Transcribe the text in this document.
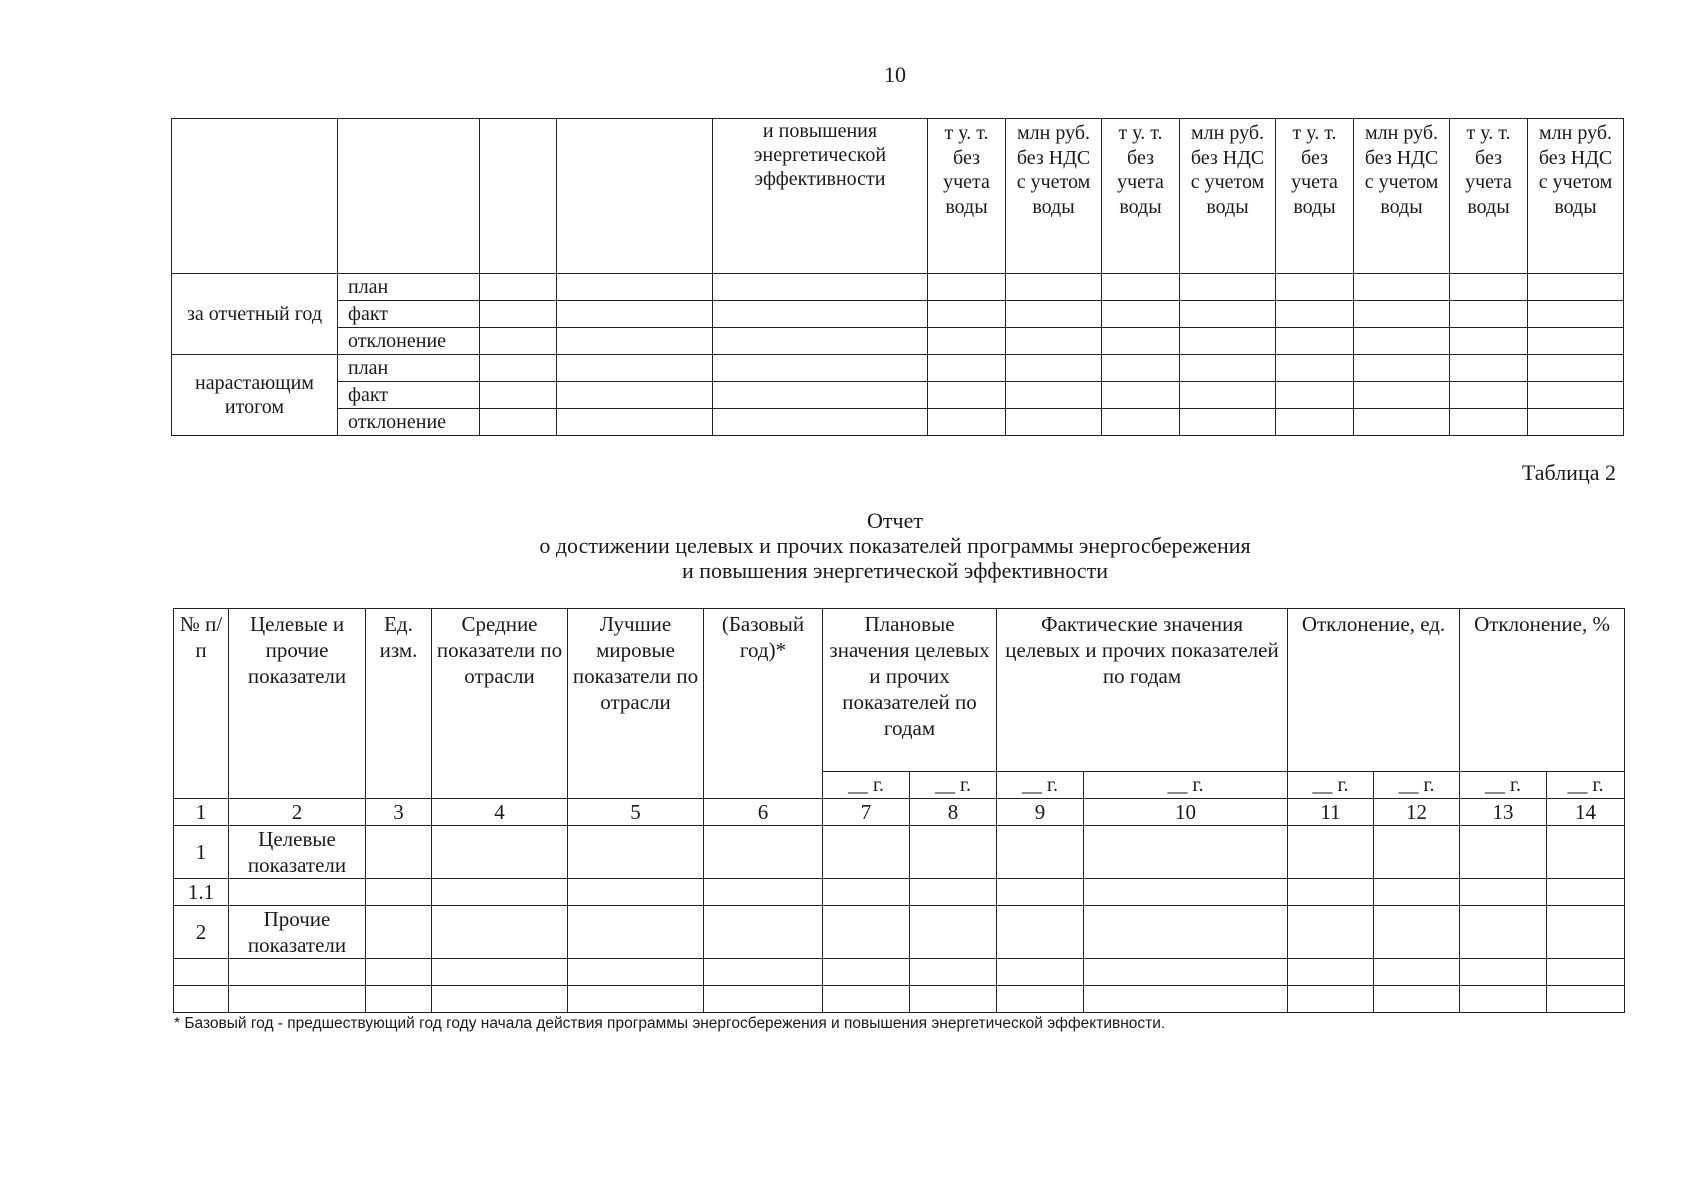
10
				и повышения энергетической эффективности	т у. т. без учета воды	млн руб. без НДС с учетом воды	т у. т. без учета воды	млн руб. без НДС с учетом воды	т у. т. без учета воды	млн руб. без НДС с учетом воды	т у. т. без учета воды	млн руб. без НДС с учетом воды
за отчетный год	план											
	факт											
	отклонение											
нарастающим итогом	план											
	факт											
	отклонение											
Таблица 2
Отчет
о достижении целевых и прочих показателей программы энергосбережения
и повышения энергетической эффективности
№ п/п	Целевые и прочие показатели	Ед. изм.	Средние показатели по отрасли	Лучшие мировые показатели по отрасли	(Базовый год)*	Плановые значения целевых и прочих показателей по годам		Фактические значения целевых и прочих показателей по годам		Отклонение, ед.		Отклонение, %	
						__ г.	__ г.	__ г.	__ г.	__ г.	__ г.	__ г.	__ г.
1	2	3	4	5	6	7	8	9	10	11	12	13	14
1	Целевые показатели												
1.1													
2	Прочие показатели												

* Базовый год - предшествующий год году начала действия программы энергосбережения и повышения энергетической эффективности.
